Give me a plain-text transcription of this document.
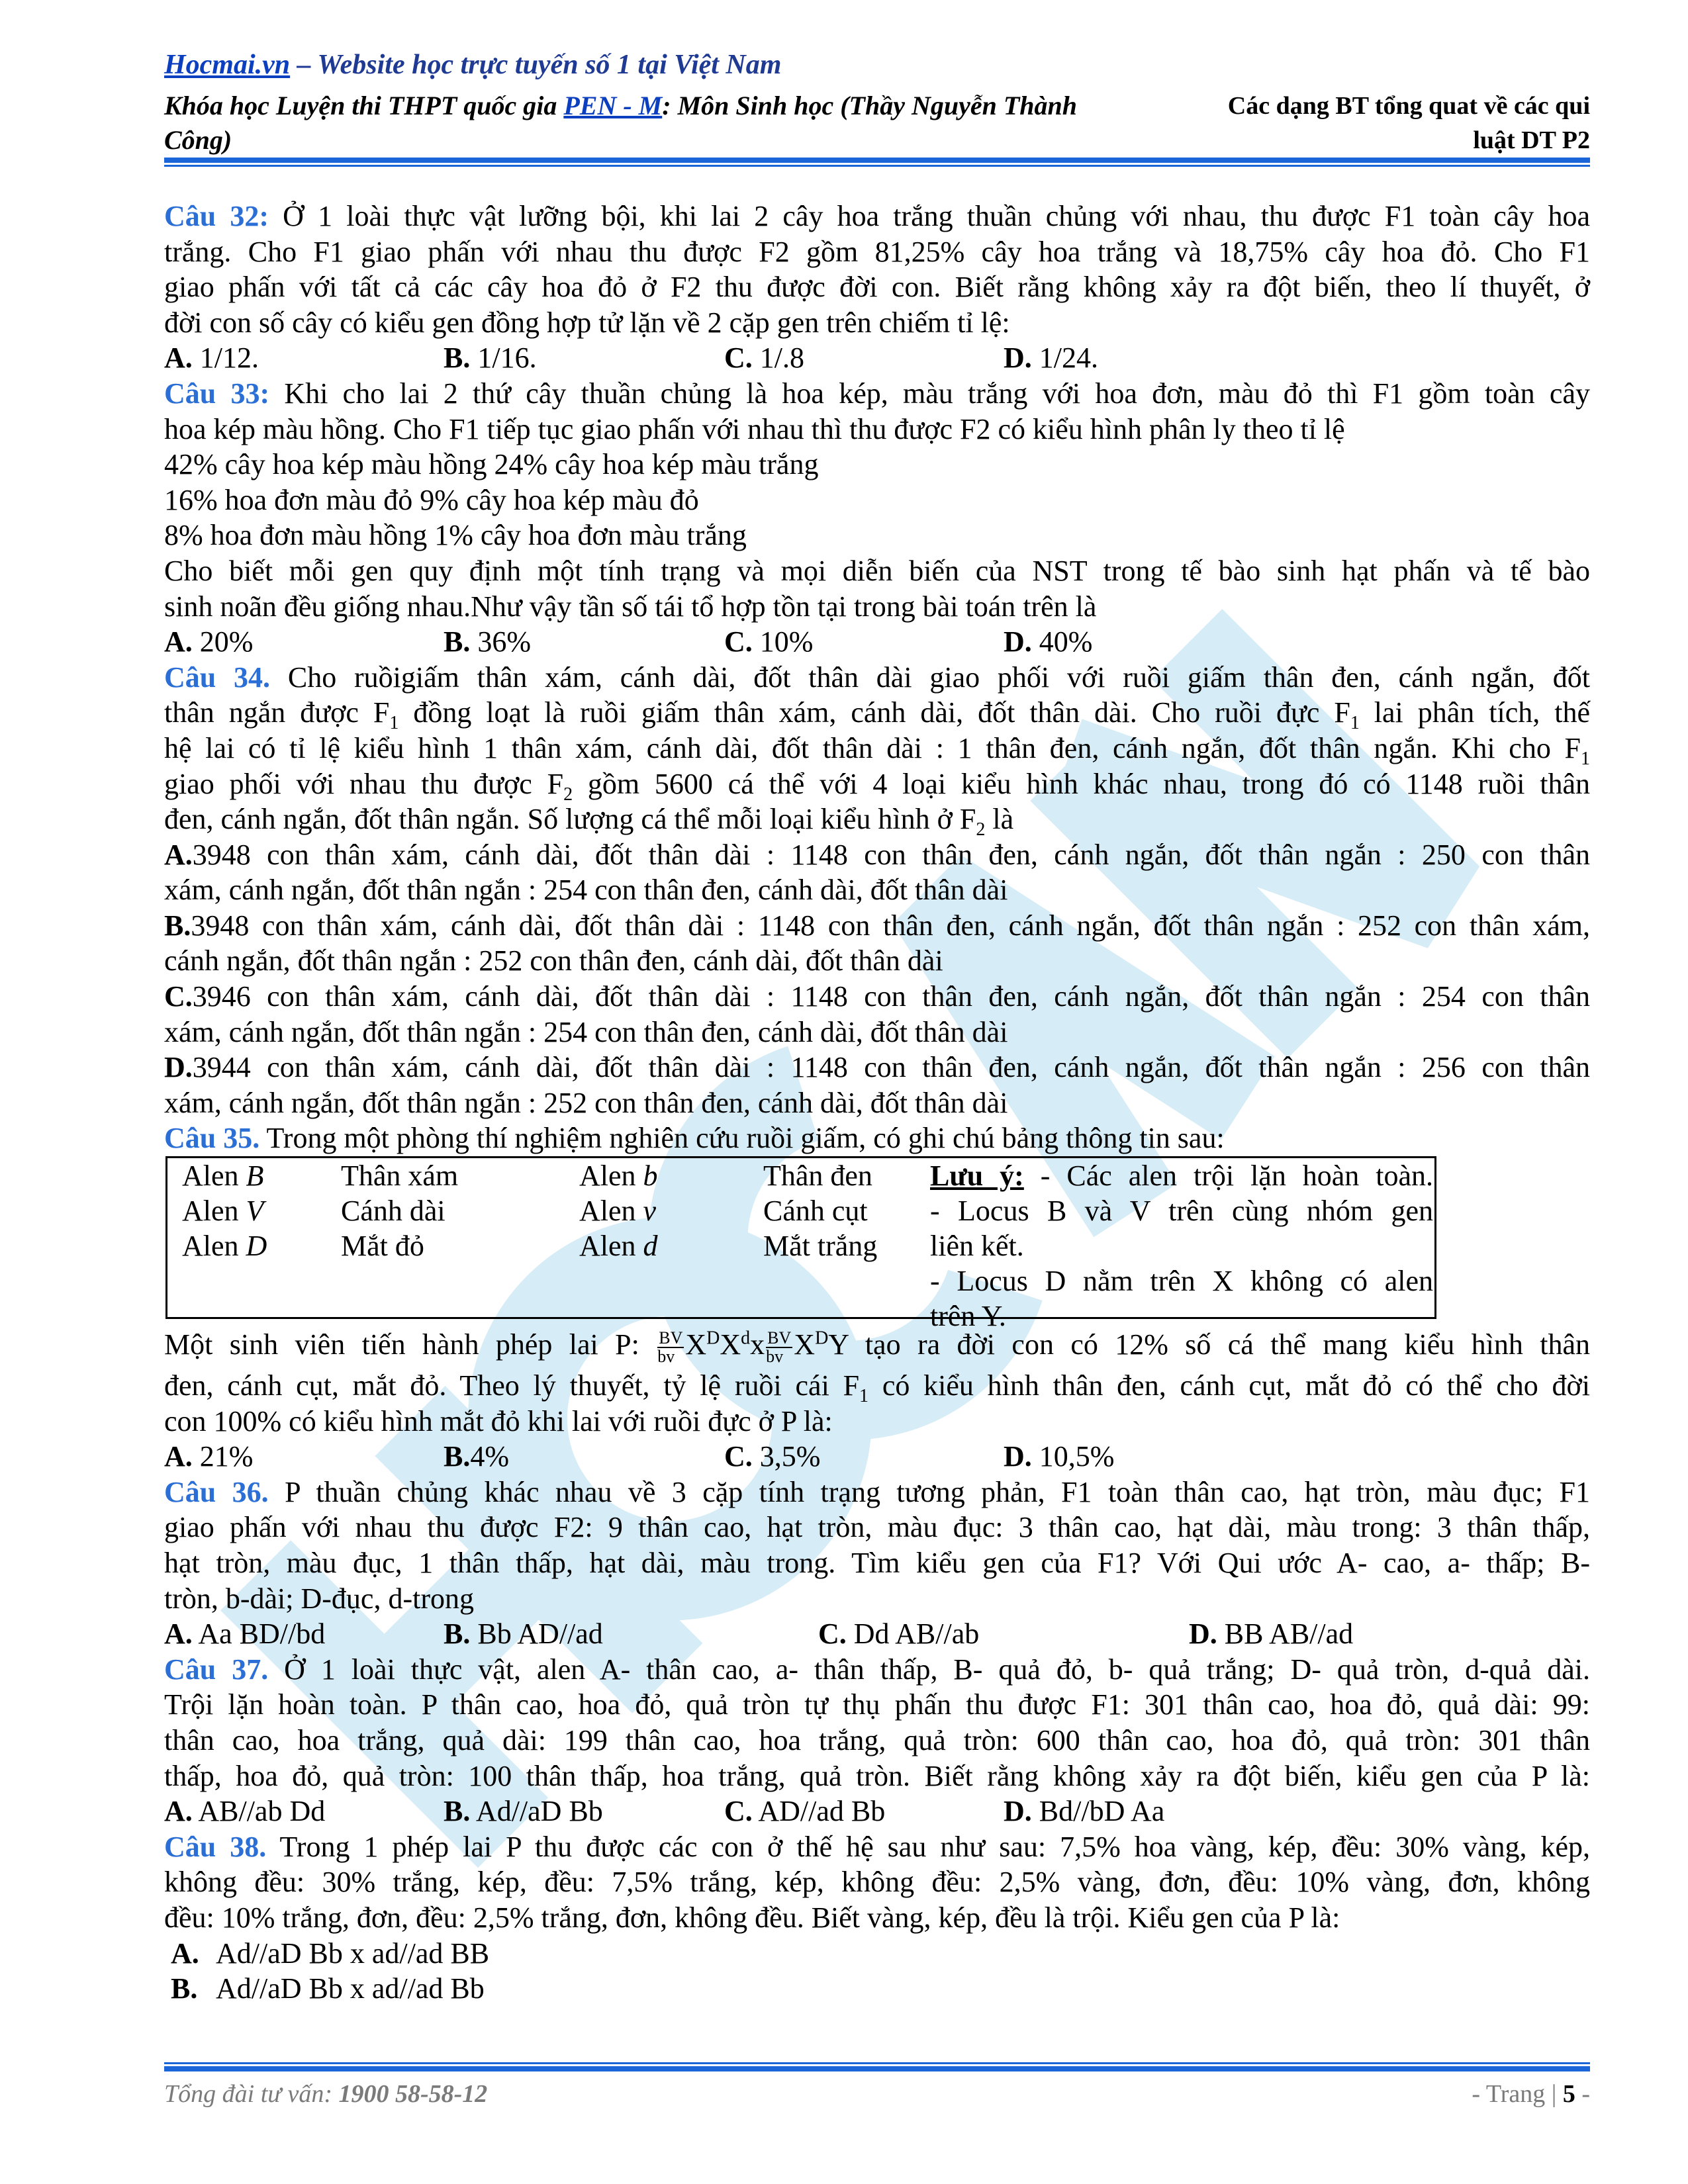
Hocmai.vn – Website học trực tuyến số 1 tại Việt Nam
Khóa học Luyện thi THPT quốc gia PEN - M: Môn Sinh học (Thầy Nguyễn Thành
Công)
Các dạng BT tổng quat về các qui
luật DT P2
Câu 32: Ở 1 loài thực vật lưỡng bội, khi lai 2 cây hoa trắng thuần chủng với nhau, thu được F1 toàn cây hoa
trắng. Cho F1 giao phấn với nhau thu được F2 gồm 81,25% cây hoa trắng và 18,75% cây hoa đỏ. Cho F1
giao phấn với tất cả các cây hoa đỏ ở F2 thu được đời con. Biết rằng không xảy ra đột biến, theo lí thuyết, ở
đời con số cây có kiểu gen đồng hợp tử lặn về 2 cặp gen trên chiếm tỉ lệ:
A. 1/12.	B. 1/16.	C. 1/.8	D. 1/24.
Câu 33: Khi cho lai 2 thứ cây thuần chủng là hoa kép, màu trắng với hoa đơn, màu đỏ thì F1 gồm toàn cây
hoa kép màu hồng. Cho F1 tiếp tục giao phấn với nhau thì thu được F2 có kiểu hình phân ly theo tỉ lệ
42% cây hoa kép màu hồng 24% cây hoa kép màu trắng
16% hoa đơn màu đỏ 9% cây hoa kép màu đỏ
8% hoa đơn màu hồng 1% cây hoa đơn màu trắng
Cho biết mỗi gen quy định một tính trạng và mọi diễn biến của NST trong tế bào sinh hạt phấn và tế bào
sinh noãn đều giống nhau.Như vậy tần số tái tổ hợp tồn tại trong bài toán trên là
A. 20%	B. 36%	C. 10%	D. 40%
Câu 34. Cho ruồigiấm thân xám, cánh dài, đốt thân dài giao phối với ruồi giấm thân đen, cánh ngắn, đốt
thân ngắn được $F_1$ đồng loạt là ruồi giấm thân xám, cánh dài, đốt thân dài. Cho ruồi đực $F_1$ lai phân tích, thế
hệ lai có tỉ lệ kiểu hình 1 thân xám, cánh dài, đốt thân dài : 1 thân đen, cánh ngắn, đốt thân ngắn. Khi cho $F_1$
giao phối với nhau thu được $F_2$ gồm 5600 cá thể với 4 loại kiểu hình khác nhau, trong đó có 1148 ruồi thân
đen, cánh ngắn, đốt thân ngắn. Số lượng cá thể mỗi loại kiểu hình ở $F_2$ là
A.3948 con thân xám, cánh dài, đốt thân dài : 1148 con thân đen, cánh ngắn, đốt thân ngắn : 250 con thân
xám, cánh ngắn, đốt thân ngắn : 254 con thân đen, cánh dài, đốt thân dài
B.3948 con thân xám, cánh dài, đốt thân dài : 1148 con thân đen, cánh ngắn, đốt thân ngắn : 252 con thân xám,
cánh ngắn, đốt thân ngắn : 252 con thân đen, cánh dài, đốt thân dài
C.3946 con thân xám, cánh dài, đốt thân dài : 1148 con thân đen, cánh ngắn, đốt thân ngắn : 254 con thân
xám, cánh ngắn, đốt thân ngắn : 254 con thân đen, cánh dài, đốt thân dài
D.3944 con thân xám, cánh dài, đốt thân dài : 1148 con thân đen, cánh ngắn, đốt thân ngắn : 256 con thân
xám, cánh ngắn, đốt thân ngắn : 252 con thân đen, cánh dài, đốt thân dài
Câu 35. Trong một phòng thí nghiệm nghiên cứu ruồi giấm, có ghi chú bảng thông tin sau:
Alen B	Thân xám	Alen b	Thân đen
Alen V	Cánh dài	Alen v	Cánh cụt
Alen D	Mắt đỏ	Alen d	Mắt trắng
Lưu ý: - Các alen trội lặn hoàn toàn.
- Locus B và V trên cùng nhóm gen
liên kết.
- Locus D nằm trên X không có alen
trên Y.
Một sinh viên tiến hành phép lai P: $\frac{BV}{bv} X^DX^dx \frac{BV}{bv} X^DY$ tạo ra đời con có 12% số cá thể mang kiểu hình thân
đen, cánh cụt, mắt đỏ. Theo lý thuyết, tỷ lệ ruồi cái $F_1$ có kiểu hình thân đen, cánh cụt, mắt đỏ có thể cho đời
con 100% có kiểu hình mắt đỏ khi lai với ruồi đực ở P là:
A. 21%	B.4%	C. 3,5%	D. 10,5%
Câu 36. P thuần chủng khác nhau về 3 cặp tính trạng tương phản, F1 toàn thân cao, hạt tròn, màu đục; F1
giao phấn với nhau thu được F2: 9 thân cao, hạt tròn, màu đục: 3 thân cao, hạt dài, màu trong: 3 thân thấp,
hạt tròn, màu đục, 1 thân thấp, hạt dài, màu trong. Tìm kiểu gen của F1? Với Qui ước A- cao, a- thấp; B-
tròn, b-dài; D-đục, d-trong
A. Aa BD//bd	B. Bb AD//ad	C. Dd AB//ab	D. BB AB//ad
Câu 37. Ở 1 loài thực vật, alen A- thân cao, a- thân thấp, B- quả đỏ, b- quả trắng; D- quả tròn, d-quả dài.
Trội lặn hoàn toàn. P thân cao, hoa đỏ, quả tròn tự thụ phấn thu được F1: 301 thân cao, hoa đỏ, quả dài: 99:
thân cao, hoa trắng, quả dài: 199 thân cao, hoa trắng, quả tròn: 600 thân cao, hoa đỏ, quả tròn: 301 thân
thấp, hoa đỏ, quả tròn: 100 thân thấp, hoa trắng, quả tròn. Biết rằng không xảy ra đột biến, kiểu gen của P là:
A. AB//ab Dd	B. Ad//aD Bb	C. AD//ad Bb	D. Bd//bD Aa
Câu 38. Trong 1 phép lai P thu được các con ở thế hệ sau như sau: 7,5% hoa vàng, kép, đều: 30% vàng, kép,
không đều: 30% trắng, kép, đều: 7,5% trắng, kép, không đều: 2,5% vàng, đơn, đều: 10% vàng, đơn, không
đều: 10% trắng, đơn, đều: 2,5% trắng, đơn, không đều. Biết vàng, kép, đều là trội. Kiểu gen của P là:
A. Ad//aD Bb x ad//ad BB
B. Ad//aD Bb x ad//ad Bb
Tổng đài tư vấn: 1900 58-58-12	- Trang | 5 -
